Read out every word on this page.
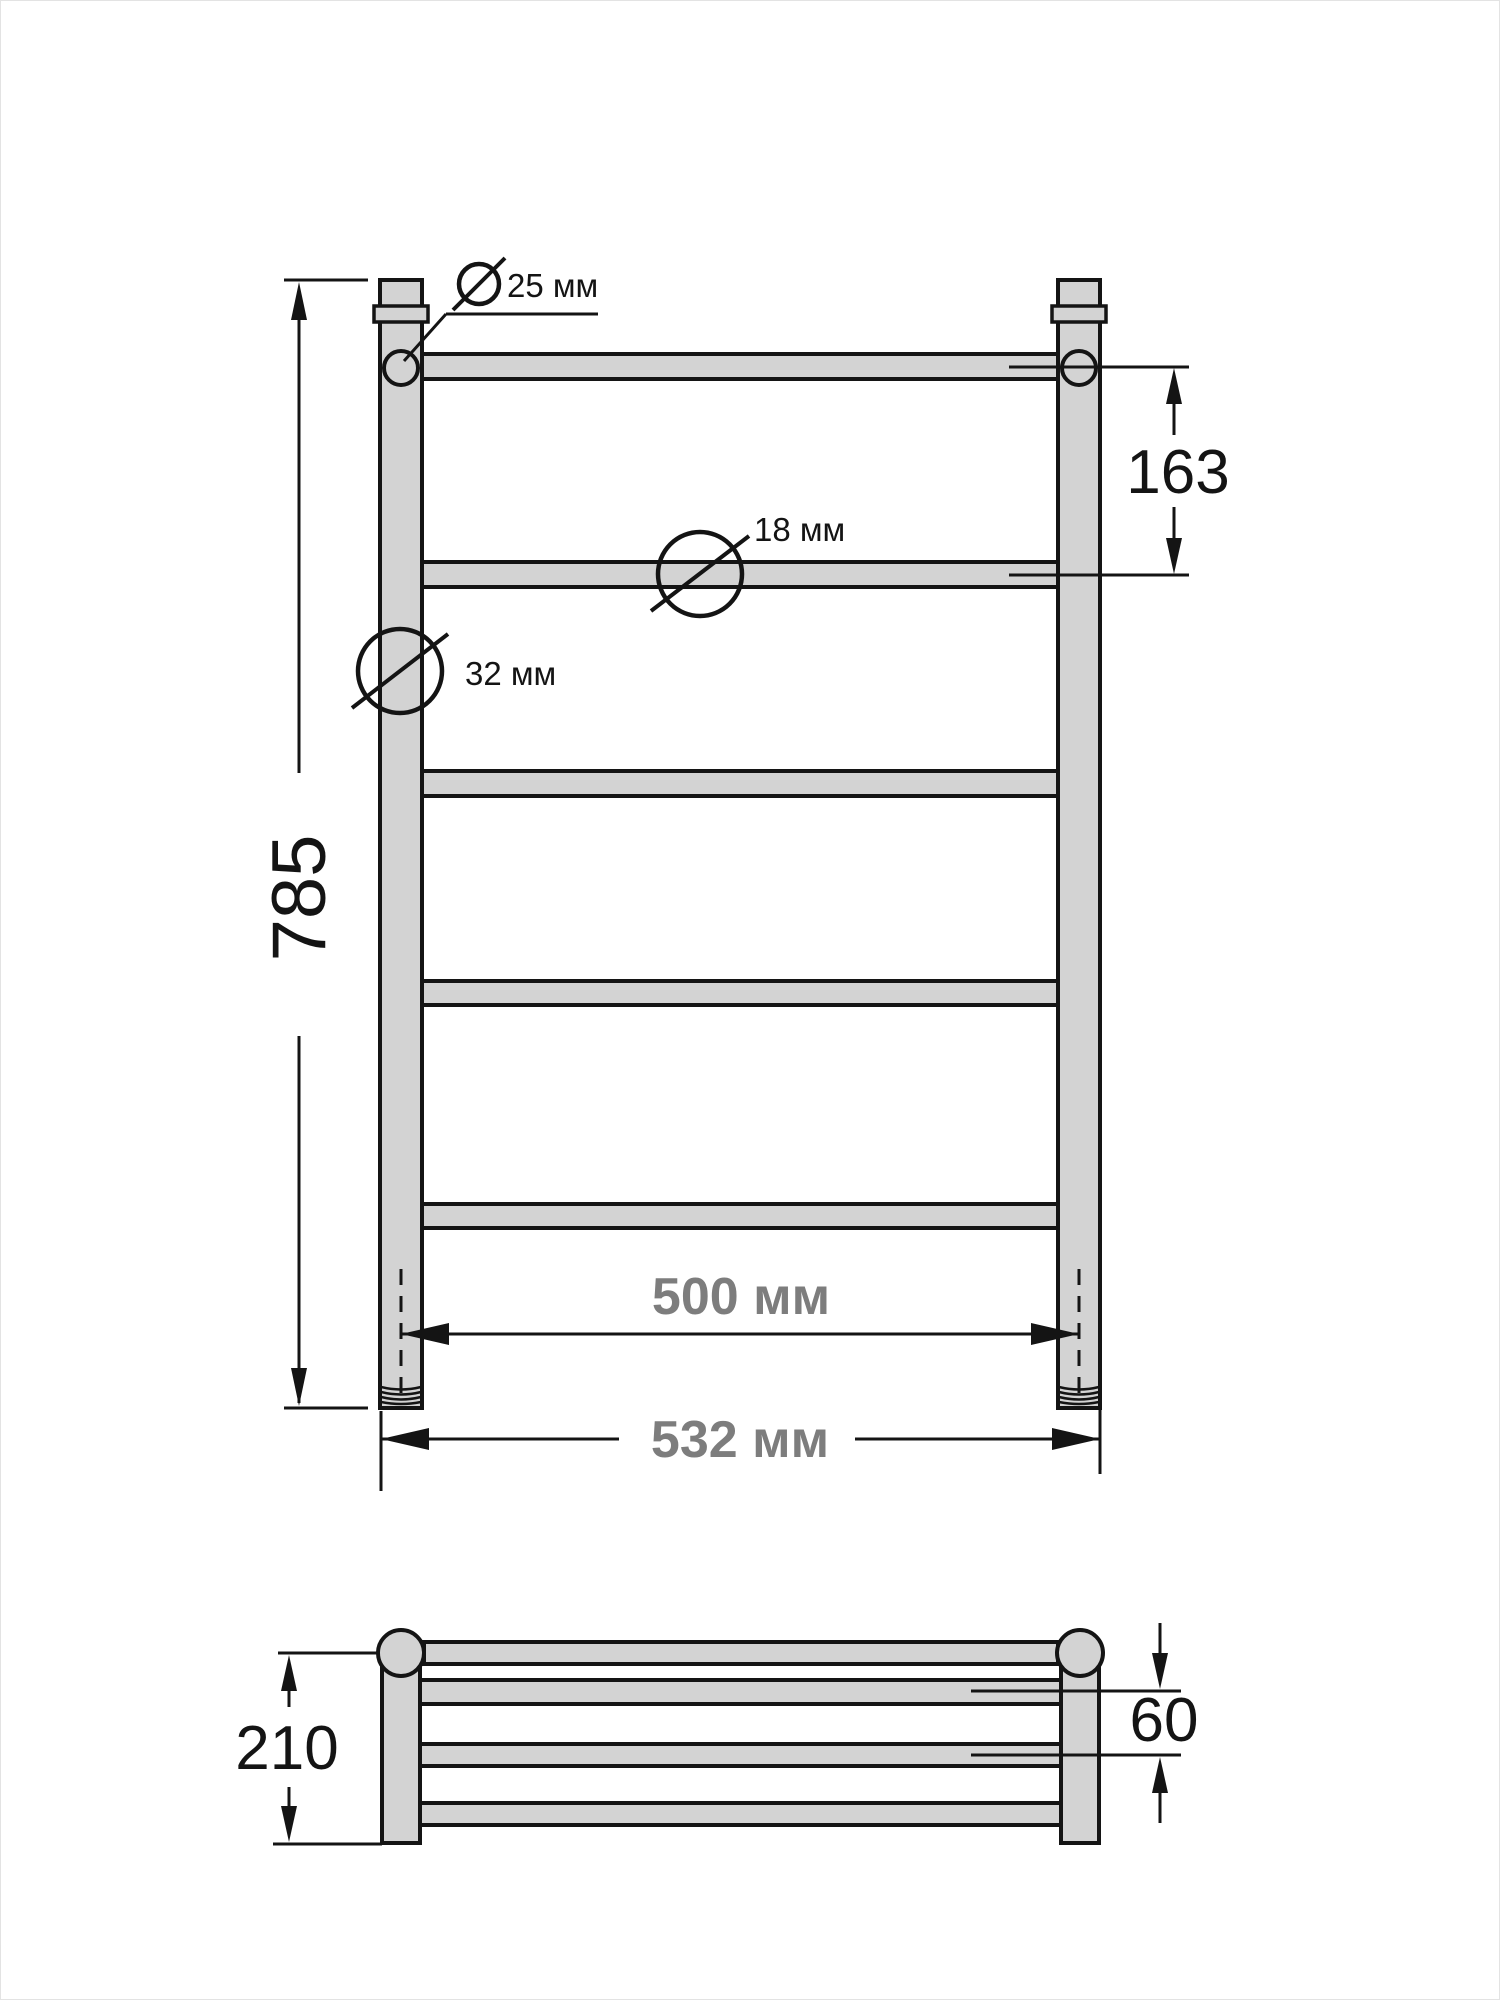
785
163
25 мм
18 мм
32 мм
500 мм
532 мм
210	60
